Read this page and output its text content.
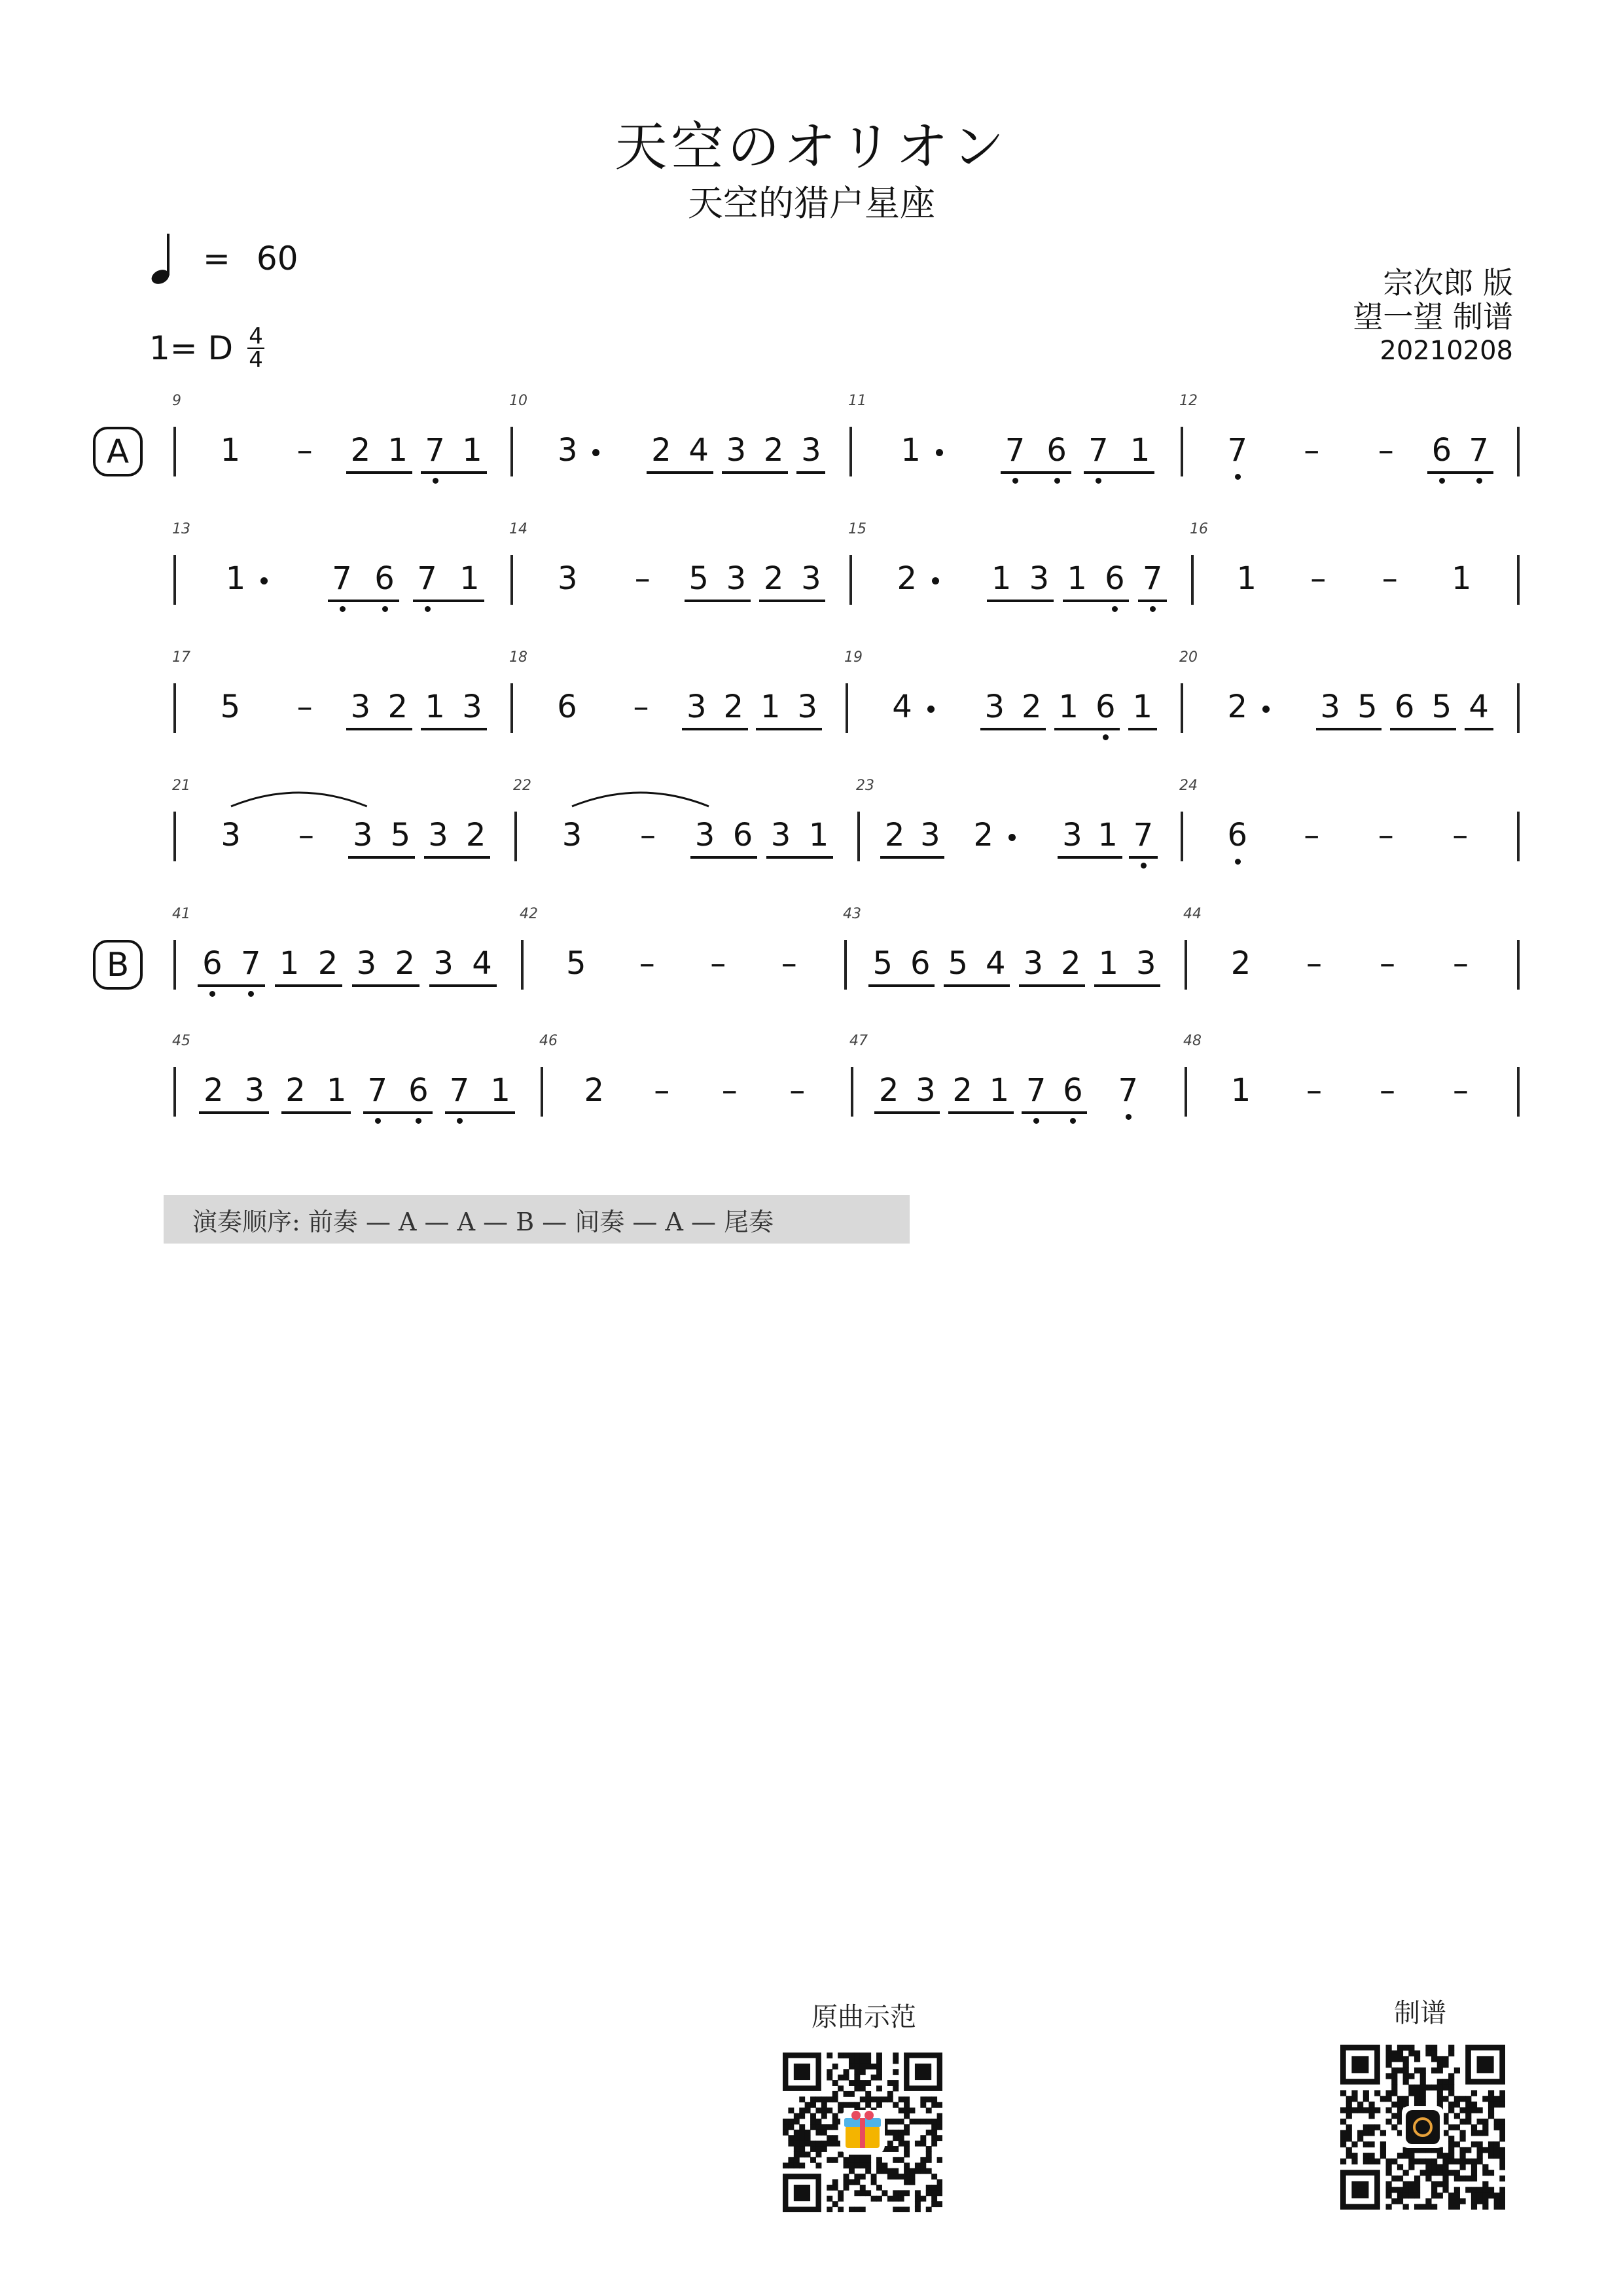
天空のオリオン
天空的猎户星座
= 60
1= D $\frac{4}{4}$
宗次郎 版
望一望 制谱
20210208
A
B
9
1	–	2 1 7 1
10
3 2 4 3 2 3
11
1	7 6 7 1
12
7	–	–	6 7
13
1	7 6 7 1
14
3	–	5 3 2 3
15
2 1 3 1 6 7
16
1	–	–	1
17
5	–	3 2 1 3
18
6	–	3 2 1 3
19
4 3 2 1 6 1
20
2 3 5 6 5 4
21
3	–	3 5 3 2
22
3	–	3 6 3 1
23
2 3 2 3 1 7
24
6	–	–	–
41
6 7 1 2 3 2 3 4
42
5	–	–	–
43
5 6 5 4 3 2 1 3
44
2	–	–	–
45
2 3 2 1 7 6 7 1
46
2	–	–	–
47
2 3 2 1 7 6 7
48
1	–	–	–
演奏顺序: 前奏 — A — A — B — 间奏 — A — 尾奏
原曲示范	制谱
